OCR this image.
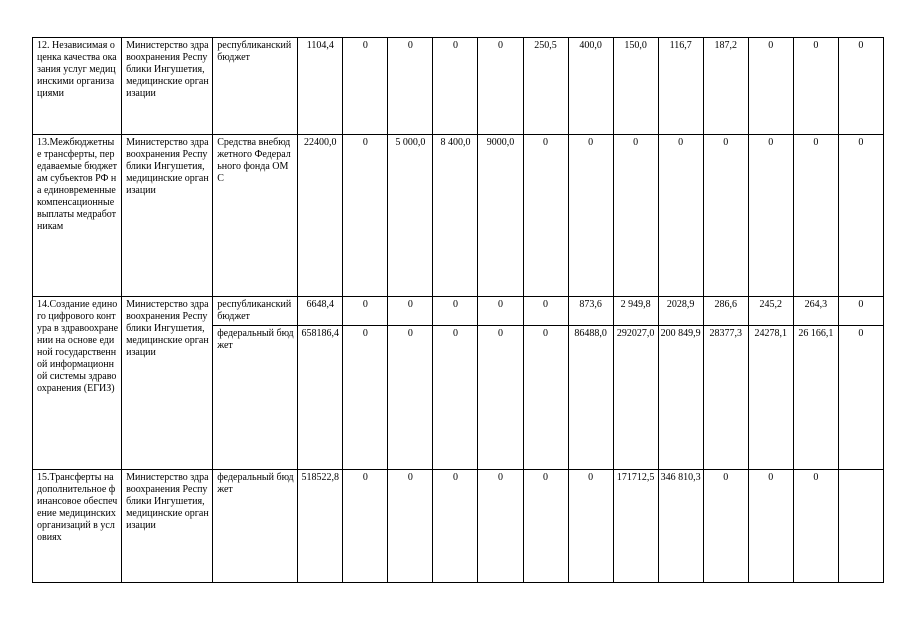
12. Независимая оценка качества оказания услуг медицинскими организациями	Министерство здравоохранения Республики Ингушетия, медицинские организации	республиканский бюджет	1104,4	0	0	0	0	250,5	400,0	150,0	116,7	187,2	0	0	0
13.Межбюджетные трансферты, передаваемые бюджетам субъектов РФ на единовременные компенсационные выплаты медработникам	Министерство здравоохранения Республики Ингушетия, медицинские организации	Средства внебюджетного Федерального фонда ОМС	22400,0	0	5 000,0	8 400,0	9000,0	0	0	0	0	0	0	0	0
14.Создание единого цифрового контура в здравоохранении на основе единой государственной информационной системы здравоохранения (ЕГИЗ)	Министерство здравоохранения Республики Ингушетия, медицинские организации	республиканский бюджет	6648,4	0	0	0	0	0	873,6	2 949,8	2028,9	286,6	245,2	264,3	0
		федеральный бюджет	658186,4	0	0	0	0	0	86488,0	292027,0	200 849,9	28377,3	24278,1	26 166,1	0
15.Трансферты на дополнительное финансовое обеспечение медицинских организаций в условиях	Министерство здравоохранения Республики Ингушетия, медицинские организации	федеральный бюджет	518522,8	0	0	0	0	0	0	171712,5	346 810,3	0	0	0	
